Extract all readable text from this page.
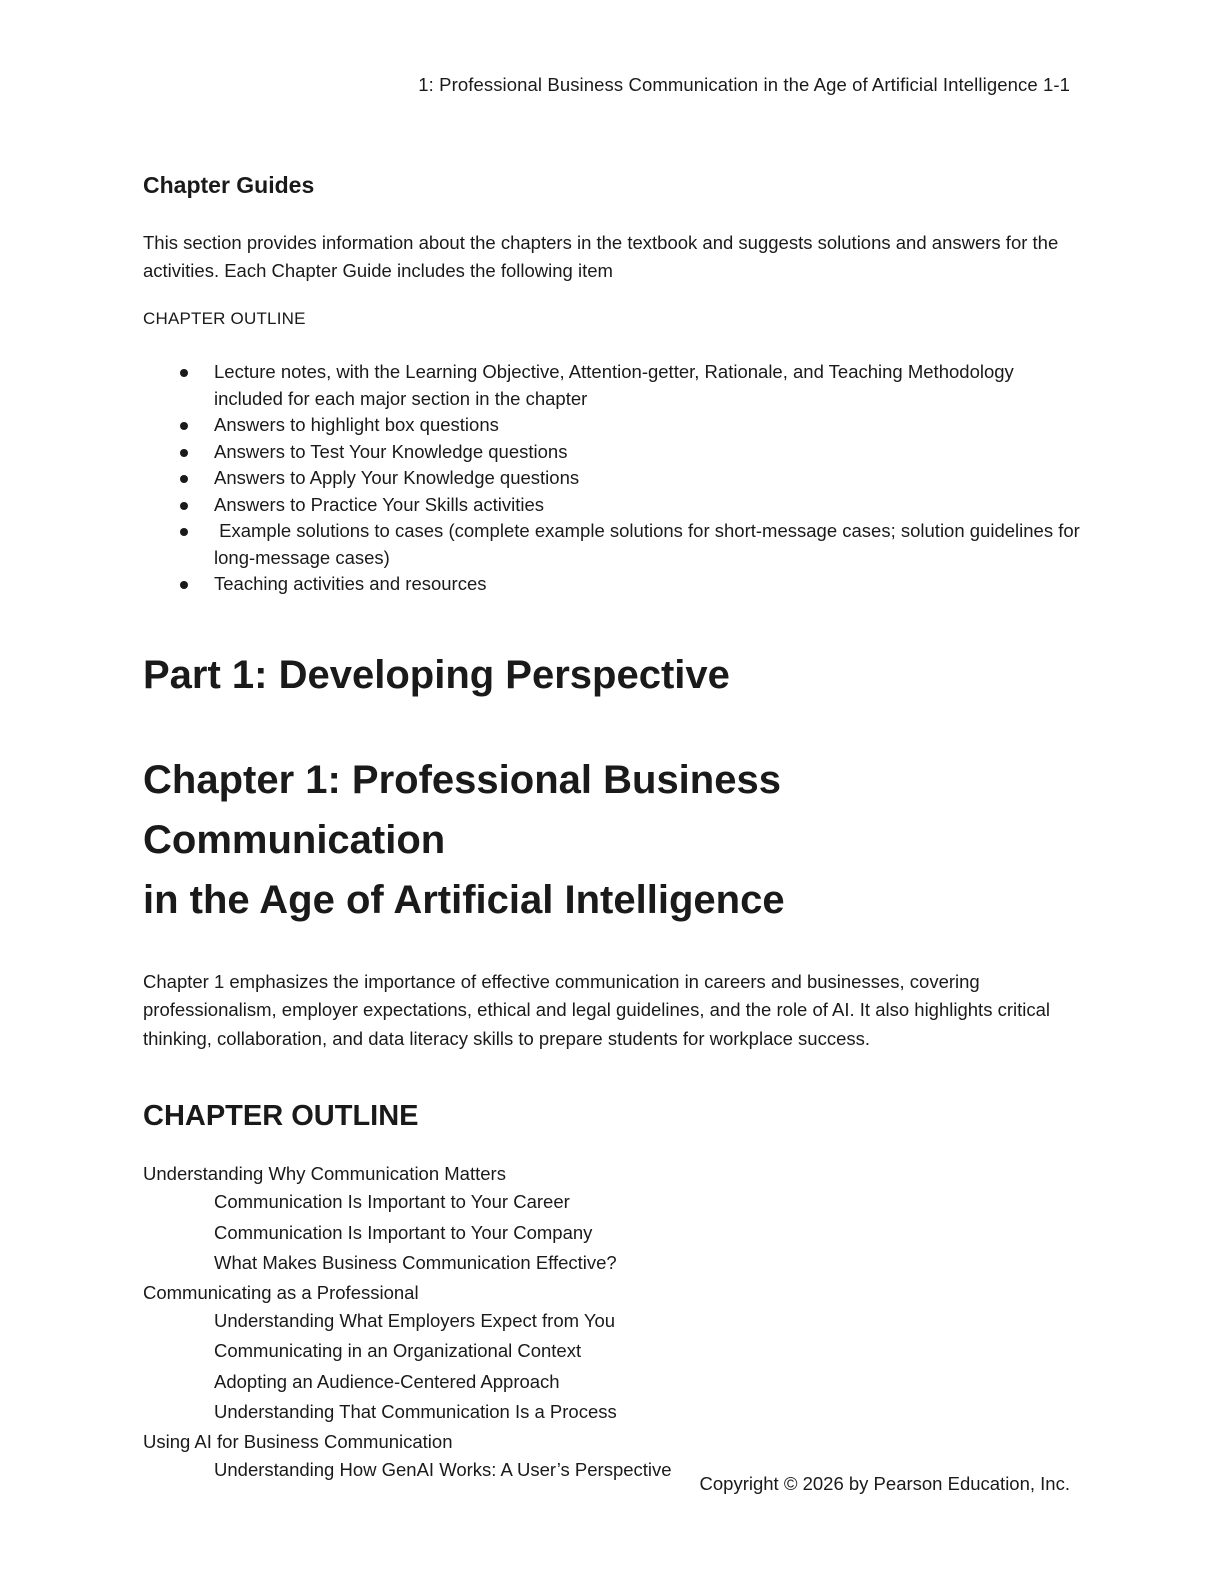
1: Professional Business Communication in the Age of Artificial Intelligence 1-1
Chapter Guides

This section provides information about the chapters in the textbook and suggests solutions and answers for the activities. Each Chapter Guide includes the following item

CHAPTER OUTLINE
Lecture notes, with the Learning Objective, Attention-getter, Rationale, and Teaching Methodology included for each major section in the chapter
Answers to highlight box questions
Answers to Test Your Knowledge questions
Answers to Apply Your Knowledge questions
Answers to Practice Your Skills activities
Example solutions to cases (complete example solutions for short-message cases; solution guidelines for long-message cases)
Teaching activities and resources
Part 1: Developing Perspective
Chapter 1: Professional Business Communication
in the Age of Artificial Intelligence

Chapter 1 emphasizes the importance of effective communication in careers and businesses, covering professionalism, employer expectations, ethical and legal guidelines, and the role of AI. It also highlights critical thinking, collaboration, and data literacy skills to prepare students for workplace success.

CHAPTER OUTLINE
Understanding Why Communication Matters
Communication Is Important to Your Career
Communication Is Important to Your Company
What Makes Business Communication Effective?
Communicating as a Professional
Understanding What Employers Expect from You
Communicating in an Organizational Context
Adopting an Audience-Centered Approach
Understanding That Communication Is a Process
Using AI for Business Communication
Understanding How GenAI Works: A User’s Perspective
Copyright © 2026 by Pearson Education, Inc.
